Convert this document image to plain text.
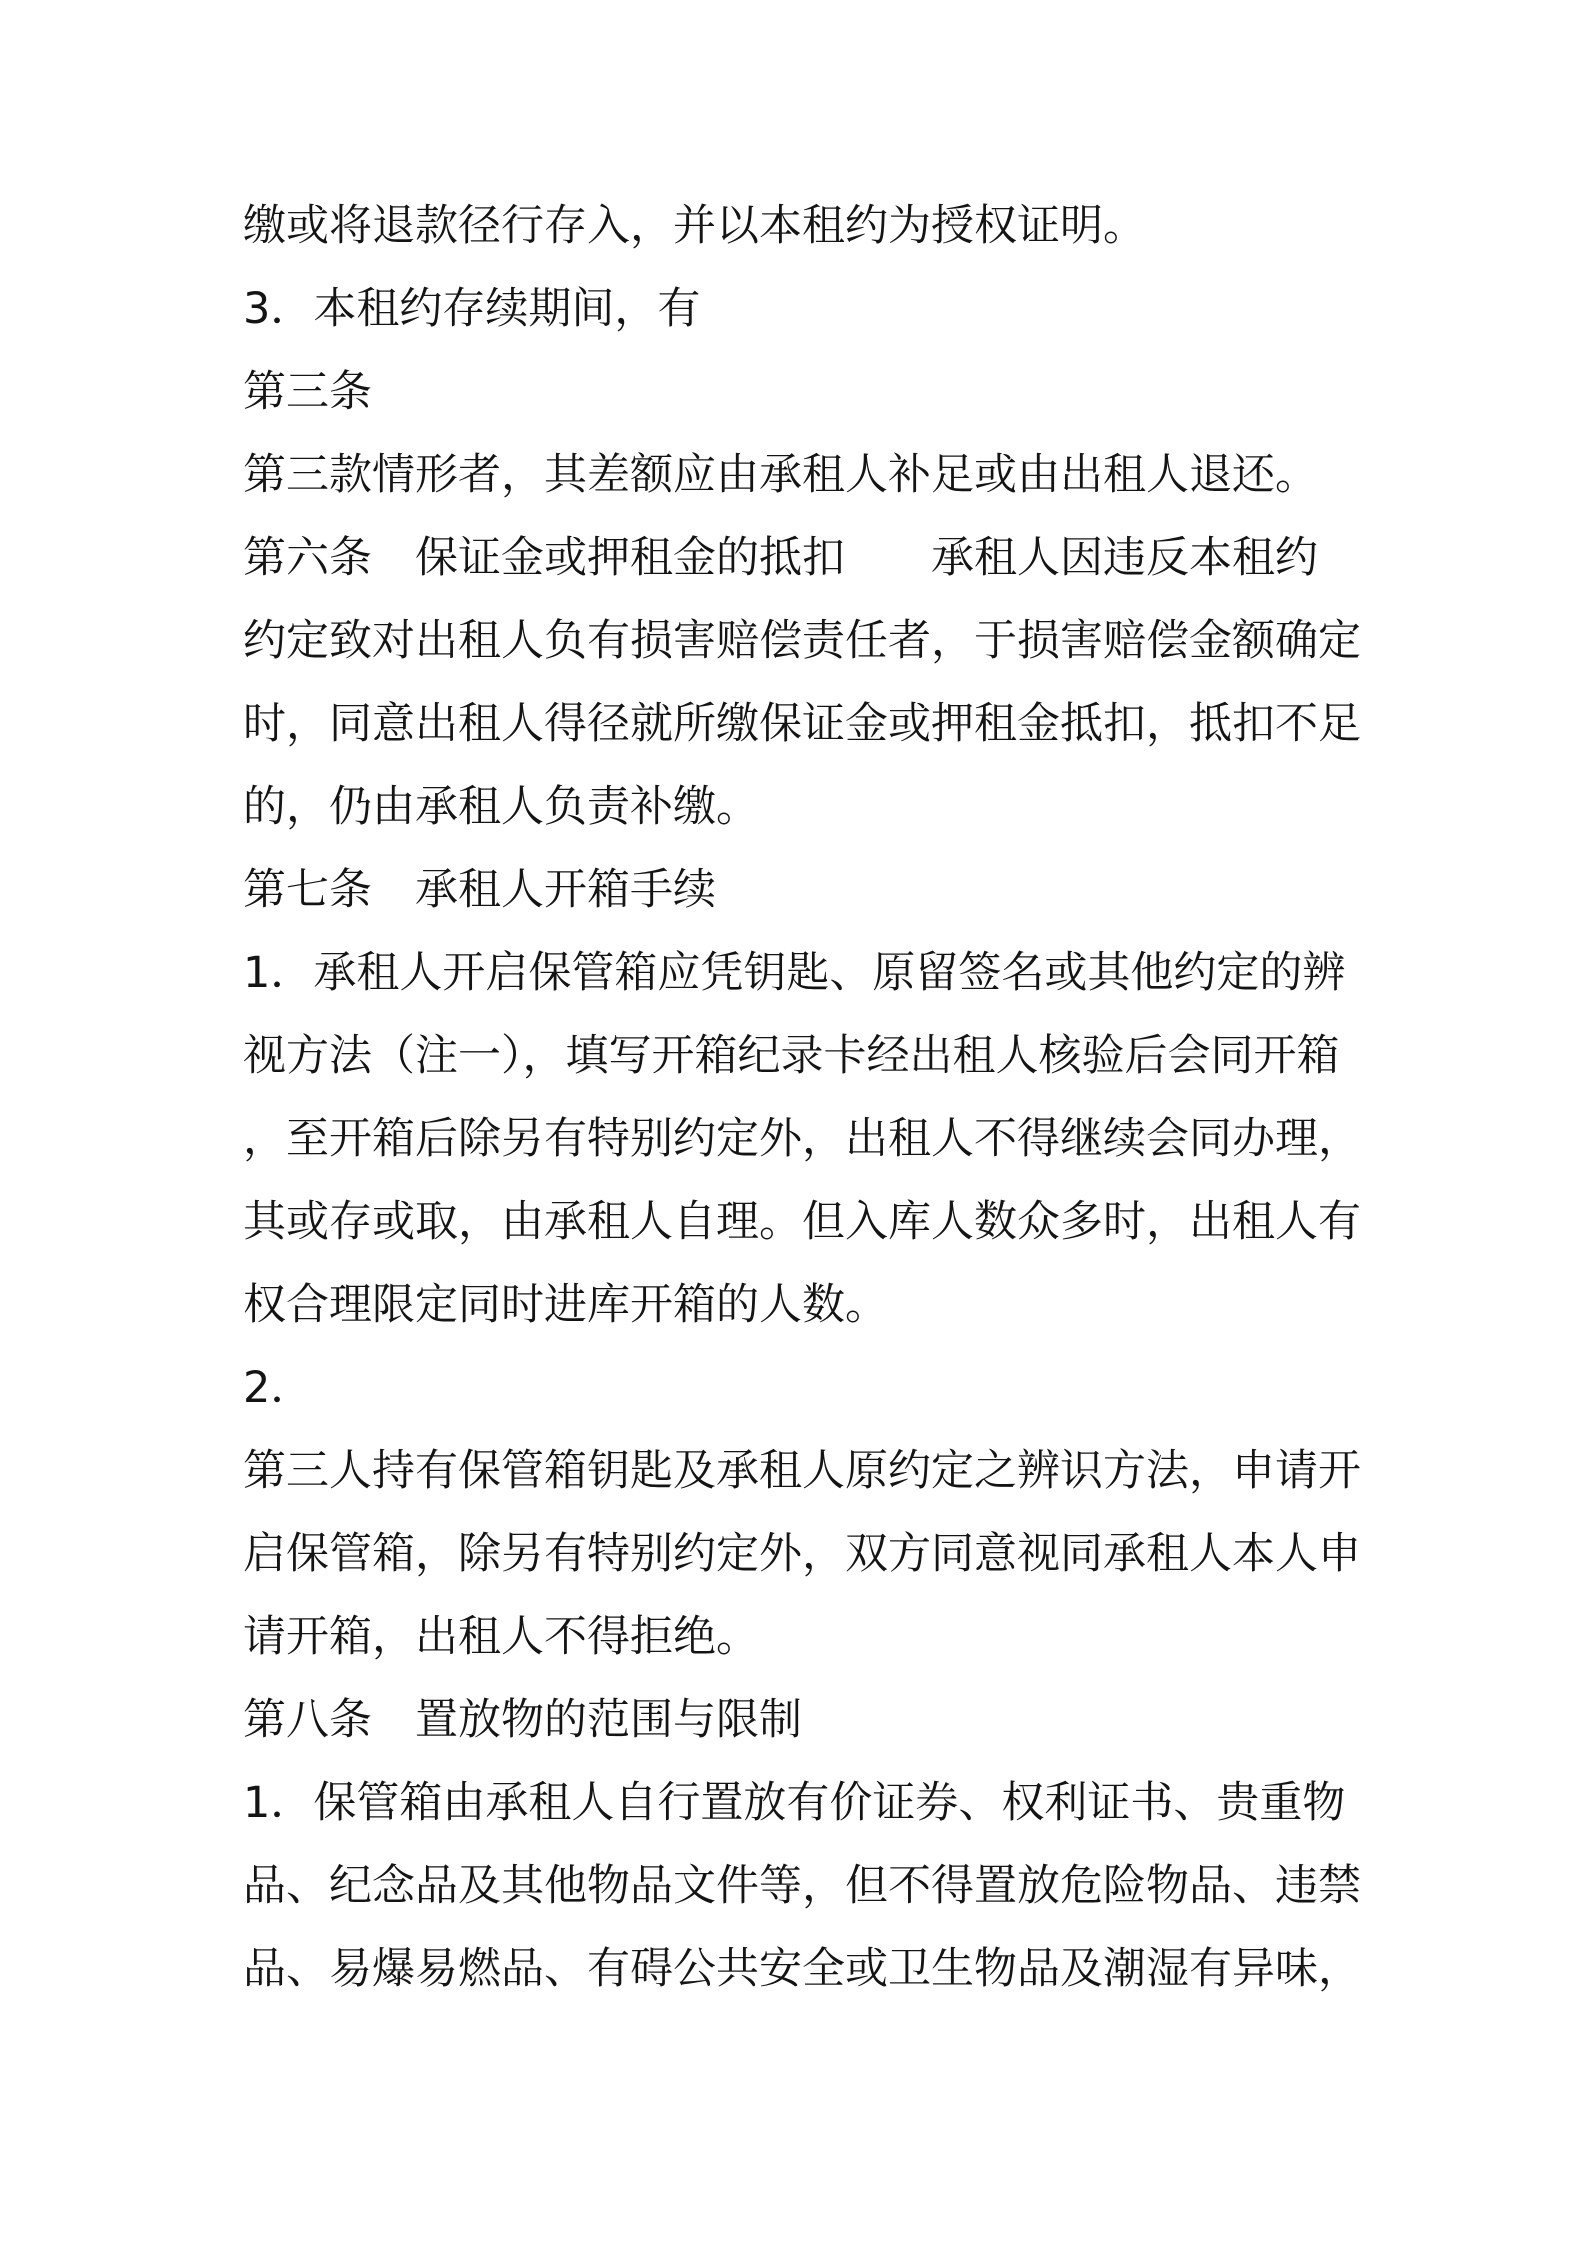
缴或将退款径行存入，并以本租约为授权证明。

3．本租约存续期间，有

第三条

第三款情形者，其差额应由承租人补足或由出租人退还。

第六条　保证金或押租金的抵扣　　承租人因违反本租约

约定致对出租人负有损害赔偿责任者，于损害赔偿金额确定

时，同意出租人得径就所缴保证金或押租金抵扣，抵扣不足

的，仍由承租人负责补缴。

第七条　承租人开箱手续

1．承租人开启保管箱应凭钥匙、原留签名或其他约定的辨

视方法（注一），填写开箱纪录卡经出租人核验后会同开箱

，至开箱后除另有特别约定外，出租人不得继续会同办理，

其或存或取，由承租人自理。但入库人数众多时，出租人有

权合理限定同时进库开箱的人数。

2．

第三人持有保管箱钥匙及承租人原约定之辨识方法，申请开

启保管箱，除另有特别约定外，双方同意视同承租人本人申

请开箱，出租人不得拒绝。

第八条　置放物的范围与限制

1．保管箱由承租人自行置放有价证券、权利证书、贵重物

品、纪念品及其他物品文件等，但不得置放危险物品、违禁

品、易爆易燃品、有碍公共安全或卫生物品及潮湿有异味，
